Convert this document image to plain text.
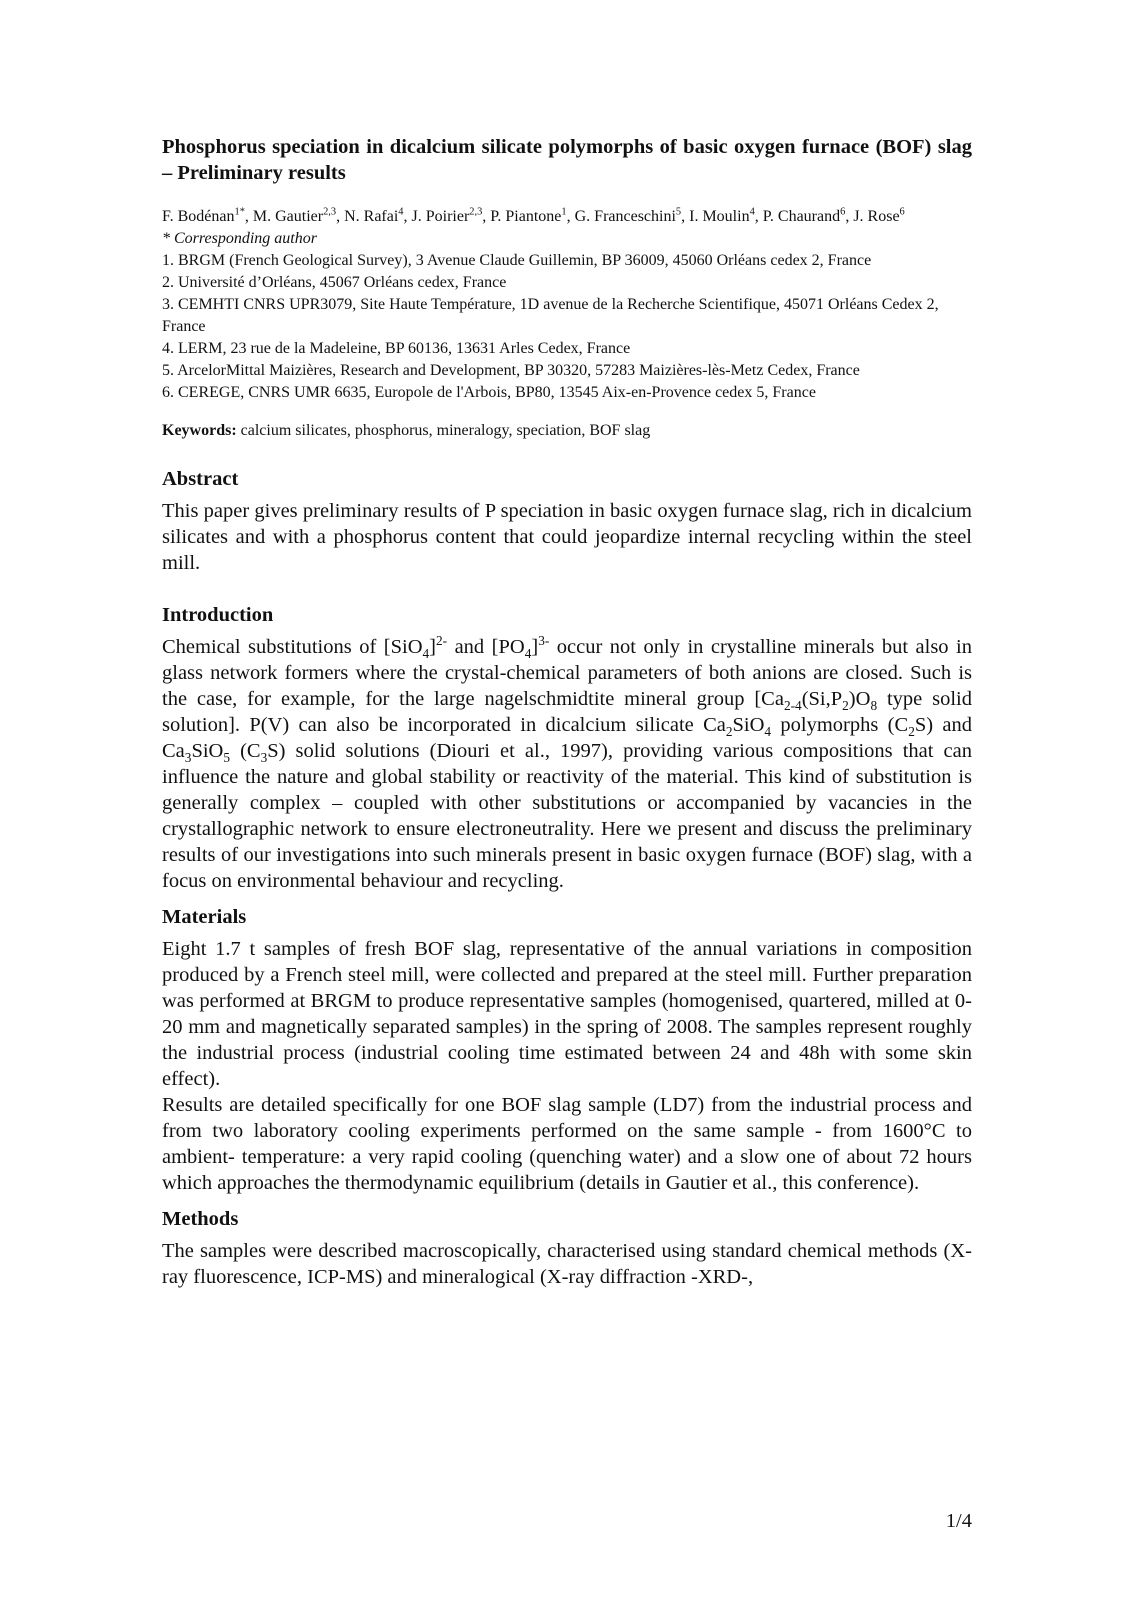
Phosphorus speciation in dicalcium silicate polymorphs of basic oxygen furnace (BOF) slag – Preliminary results

F. Bodénan$^{1*}$, M. Gautier$^{2,3}$, N. Rafai$^4$, J. Poirier$^{2,3}$, P. Piantone$^1$, G. Franceschini$^5$, I. Moulin$^4$, P. Chaurand$^6$, J. Rose$^6$

* Corresponding author

1. BRGM (French Geological Survey), 3 Avenue Claude Guillemin, BP 36009, 45060 Orléans cedex 2, France

2. Université d’Orléans, 45067 Orléans cedex, France

3. CEMHTI CNRS UPR3079, Site Haute Température, 1D avenue de la Recherche Scientifique, 45071 Orléans Cedex 2, France

4. LERM, 23 rue de la Madeleine, BP 60136, 13631 Arles Cedex, France

5. ArcelorMittal Maizières, Research and Development, BP 30320, 57283 Maizières-lès-Metz Cedex, France

6. CEREGE, CNRS UMR 6635, Europole de l'Arbois, BP80, 13545 Aix-en-Provence cedex 5, France

Keywords: calcium silicates, phosphorus, mineralogy, speciation, BOF slag

Abstract

This paper gives preliminary results of P speciation in basic oxygen furnace slag, rich in dicalcium silicates and with a phosphorus content that could jeopardize internal recycling within the steel mill.

Introduction

Chemical substitutions of $[SiO_4]^{2-}$ and $[PO_4]^{3-}$ occur not only in crystalline minerals but also in glass network formers where the crystal-chemical parameters of both anions are closed. Such is the case, for example, for the large nagelschmidtite mineral group [$Ca_{2-4}(Si,P_2)O_8$ type solid solution]. P(V) can also be incorporated in dicalcium silicate $Ca_2SiO_4$ polymorphs $(C_2S)$ and $Ca_3SiO_5$ $(C_3S)$ solid solutions (Diouri et al., 1997), providing various compositions that can influence the nature and global stability or reactivity of the material. This kind of substitution is generally complex – coupled with other substitutions or accompanied by vacancies in the crystallographic network to ensure electroneutrality. Here we present and discuss the preliminary results of our investigations into such minerals present in basic oxygen furnace (BOF) slag, with a focus on environmental behaviour and recycling.

Materials

Eight 1.7 t samples of fresh BOF slag, representative of the annual variations in composition produced by a French steel mill, were collected and prepared at the steel mill. Further preparation was performed at BRGM to produce representative samples (homogenised, quartered, milled at 0-20 mm and magnetically separated samples) in the spring of 2008. The samples represent roughly the industrial process (industrial cooling time estimated between 24 and 48h with some skin effect).

Results are detailed specifically for one BOF slag sample (LD7) from the industrial process and from two laboratory cooling experiments performed on the same sample - from 1600°C to ambient- temperature: a very rapid cooling (quenching water) and a slow one of about 72 hours which approaches the thermodynamic equilibrium (details in Gautier et al., this conference).

Methods

The samples were described macroscopically, characterised using standard chemical methods (X-ray fluorescence, ICP-MS) and mineralogical (X-ray diffraction -XRD-,

1/4
